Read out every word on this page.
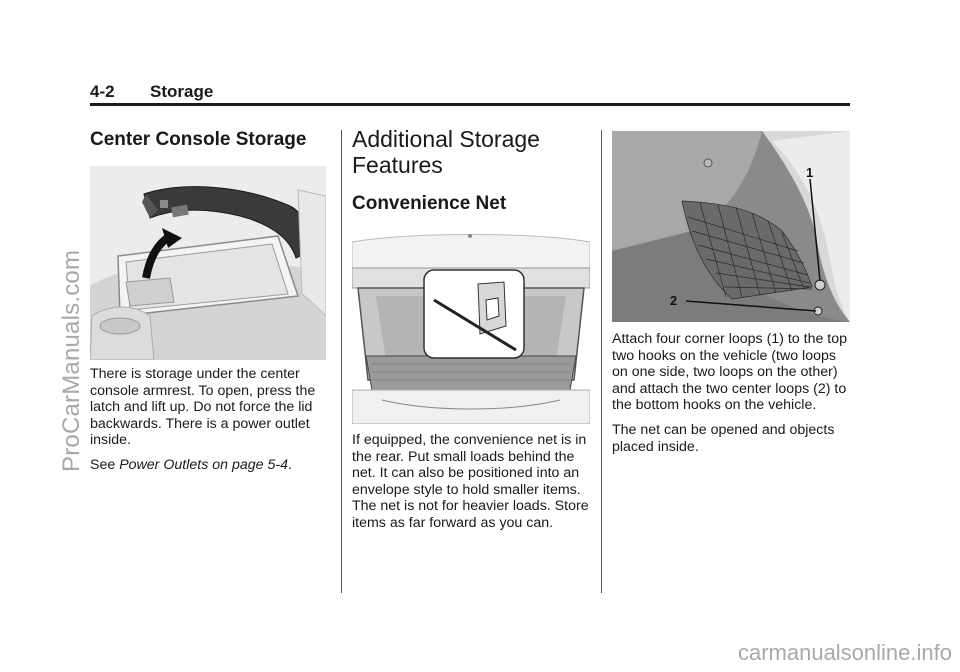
4-2 Storage
Center Console Storage

There is storage under the center console armrest. To open, press the latch and lift up. Do not force the lid backwards. There is a power outlet inside.

See Power Outlets on page 5-4.

Additional Storage Features
Convenience Net

If equipped, the convenience net is in the rear. Put small loads behind the net. It can also be positioned into an envelope style to hold smaller items. The net is not for heavier loads. Store items as far forward as you can.

1
2

Attach four corner loops (1) to the top two hooks on the vehicle (two loops on one side, two loops on the other) and attach the two center loops (2) to the bottom hooks on the vehicle.

The net can be opened and objects placed inside.

ProCarManuals.com
carmanualsonline.info
